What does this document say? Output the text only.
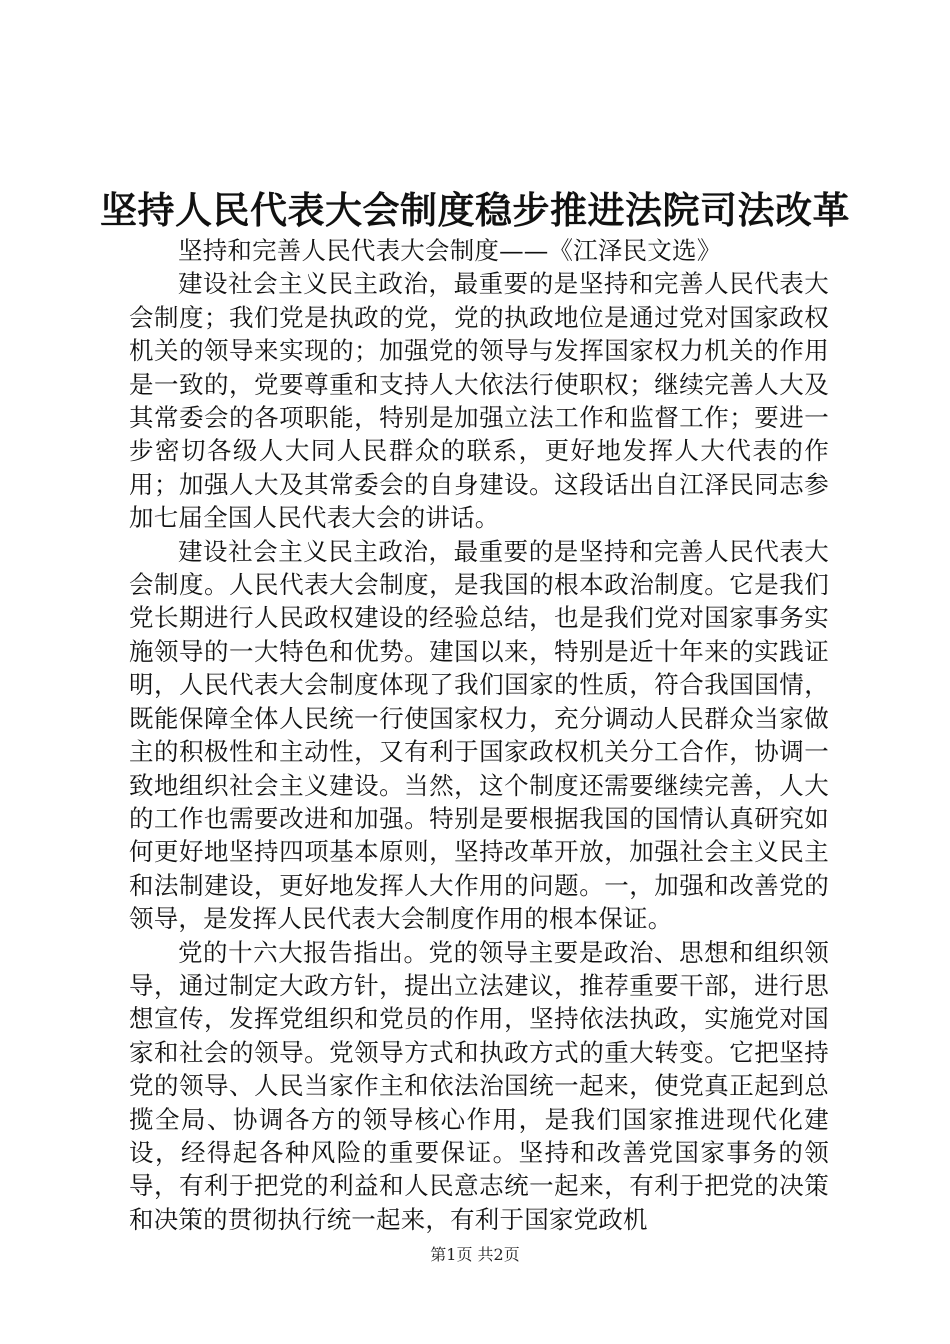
坚持人民代表大会制度稳步推进法院司法改革

坚持和完善人民代表大会制度——《江泽民文选》

建设社会主义民主政治，最重要的是坚持和完善人民代表大会制度；我们党是执政的党，党的执政地位是通过党对国家政权机关的领导来实现的；加强党的领导与发挥国家权力机关的作用是一致的，党要尊重和支持人大依法行使职权；继续完善人大及其常委会的各项职能，特别是加强立法工作和监督工作；要进一步密切各级人大同人民群众的联系，更好地发挥人大代表的作用；加强人大及其常委会的自身建设。这段话出自江泽民同志参加七届全国人民代表大会的讲话。

建设社会主义民主政治，最重要的是坚持和完善人民代表大会制度。人民代表大会制度，是我国的根本政治制度。它是我们党长期进行人民政权建设的经验总结，也是我们党对国家事务实施领导的一大特色和优势。建国以来，特别是近十年来的实践证明，人民代表大会制度体现了我们国家的性质，符合我国国情，既能保障全体人民统一行使国家权力，充分调动人民群众当家做主的积极性和主动性，又有利于国家政权机关分工合作，协调一致地组织社会主义建设。当然，这个制度还需要继续完善，人大的工作也需要改进和加强。特别是要根据我国的国情认真研究如何更好地坚持四项基本原则，坚持改革开放，加强社会主义民主和法制建设，更好地发挥人大作用的问题。一，加强和改善党的领导，是发挥人民代表大会制度作用的根本保证。

党的十六大报告指出。党的领导主要是政治、思想和组织领导，通过制定大政方针，提出立法建议，推荐重要干部，进行思想宣传，发挥党组织和党员的作用，坚持依法执政，实施党对国家和社会的领导。党领导方式和执政方式的重大转变。它把坚持党的领导、人民当家作主和依法治国统一起来，使党真正起到总揽全局、协调各方的领导核心作用，是我们国家推进现代化建设，经得起各种风险的重要保证。坚持和改善党国家事务的领导，有利于把党的利益和人民意志统一起来，有利于把党的决策和决策的贯彻执行统一起来，有利于国家党政机

第1页 共2页
